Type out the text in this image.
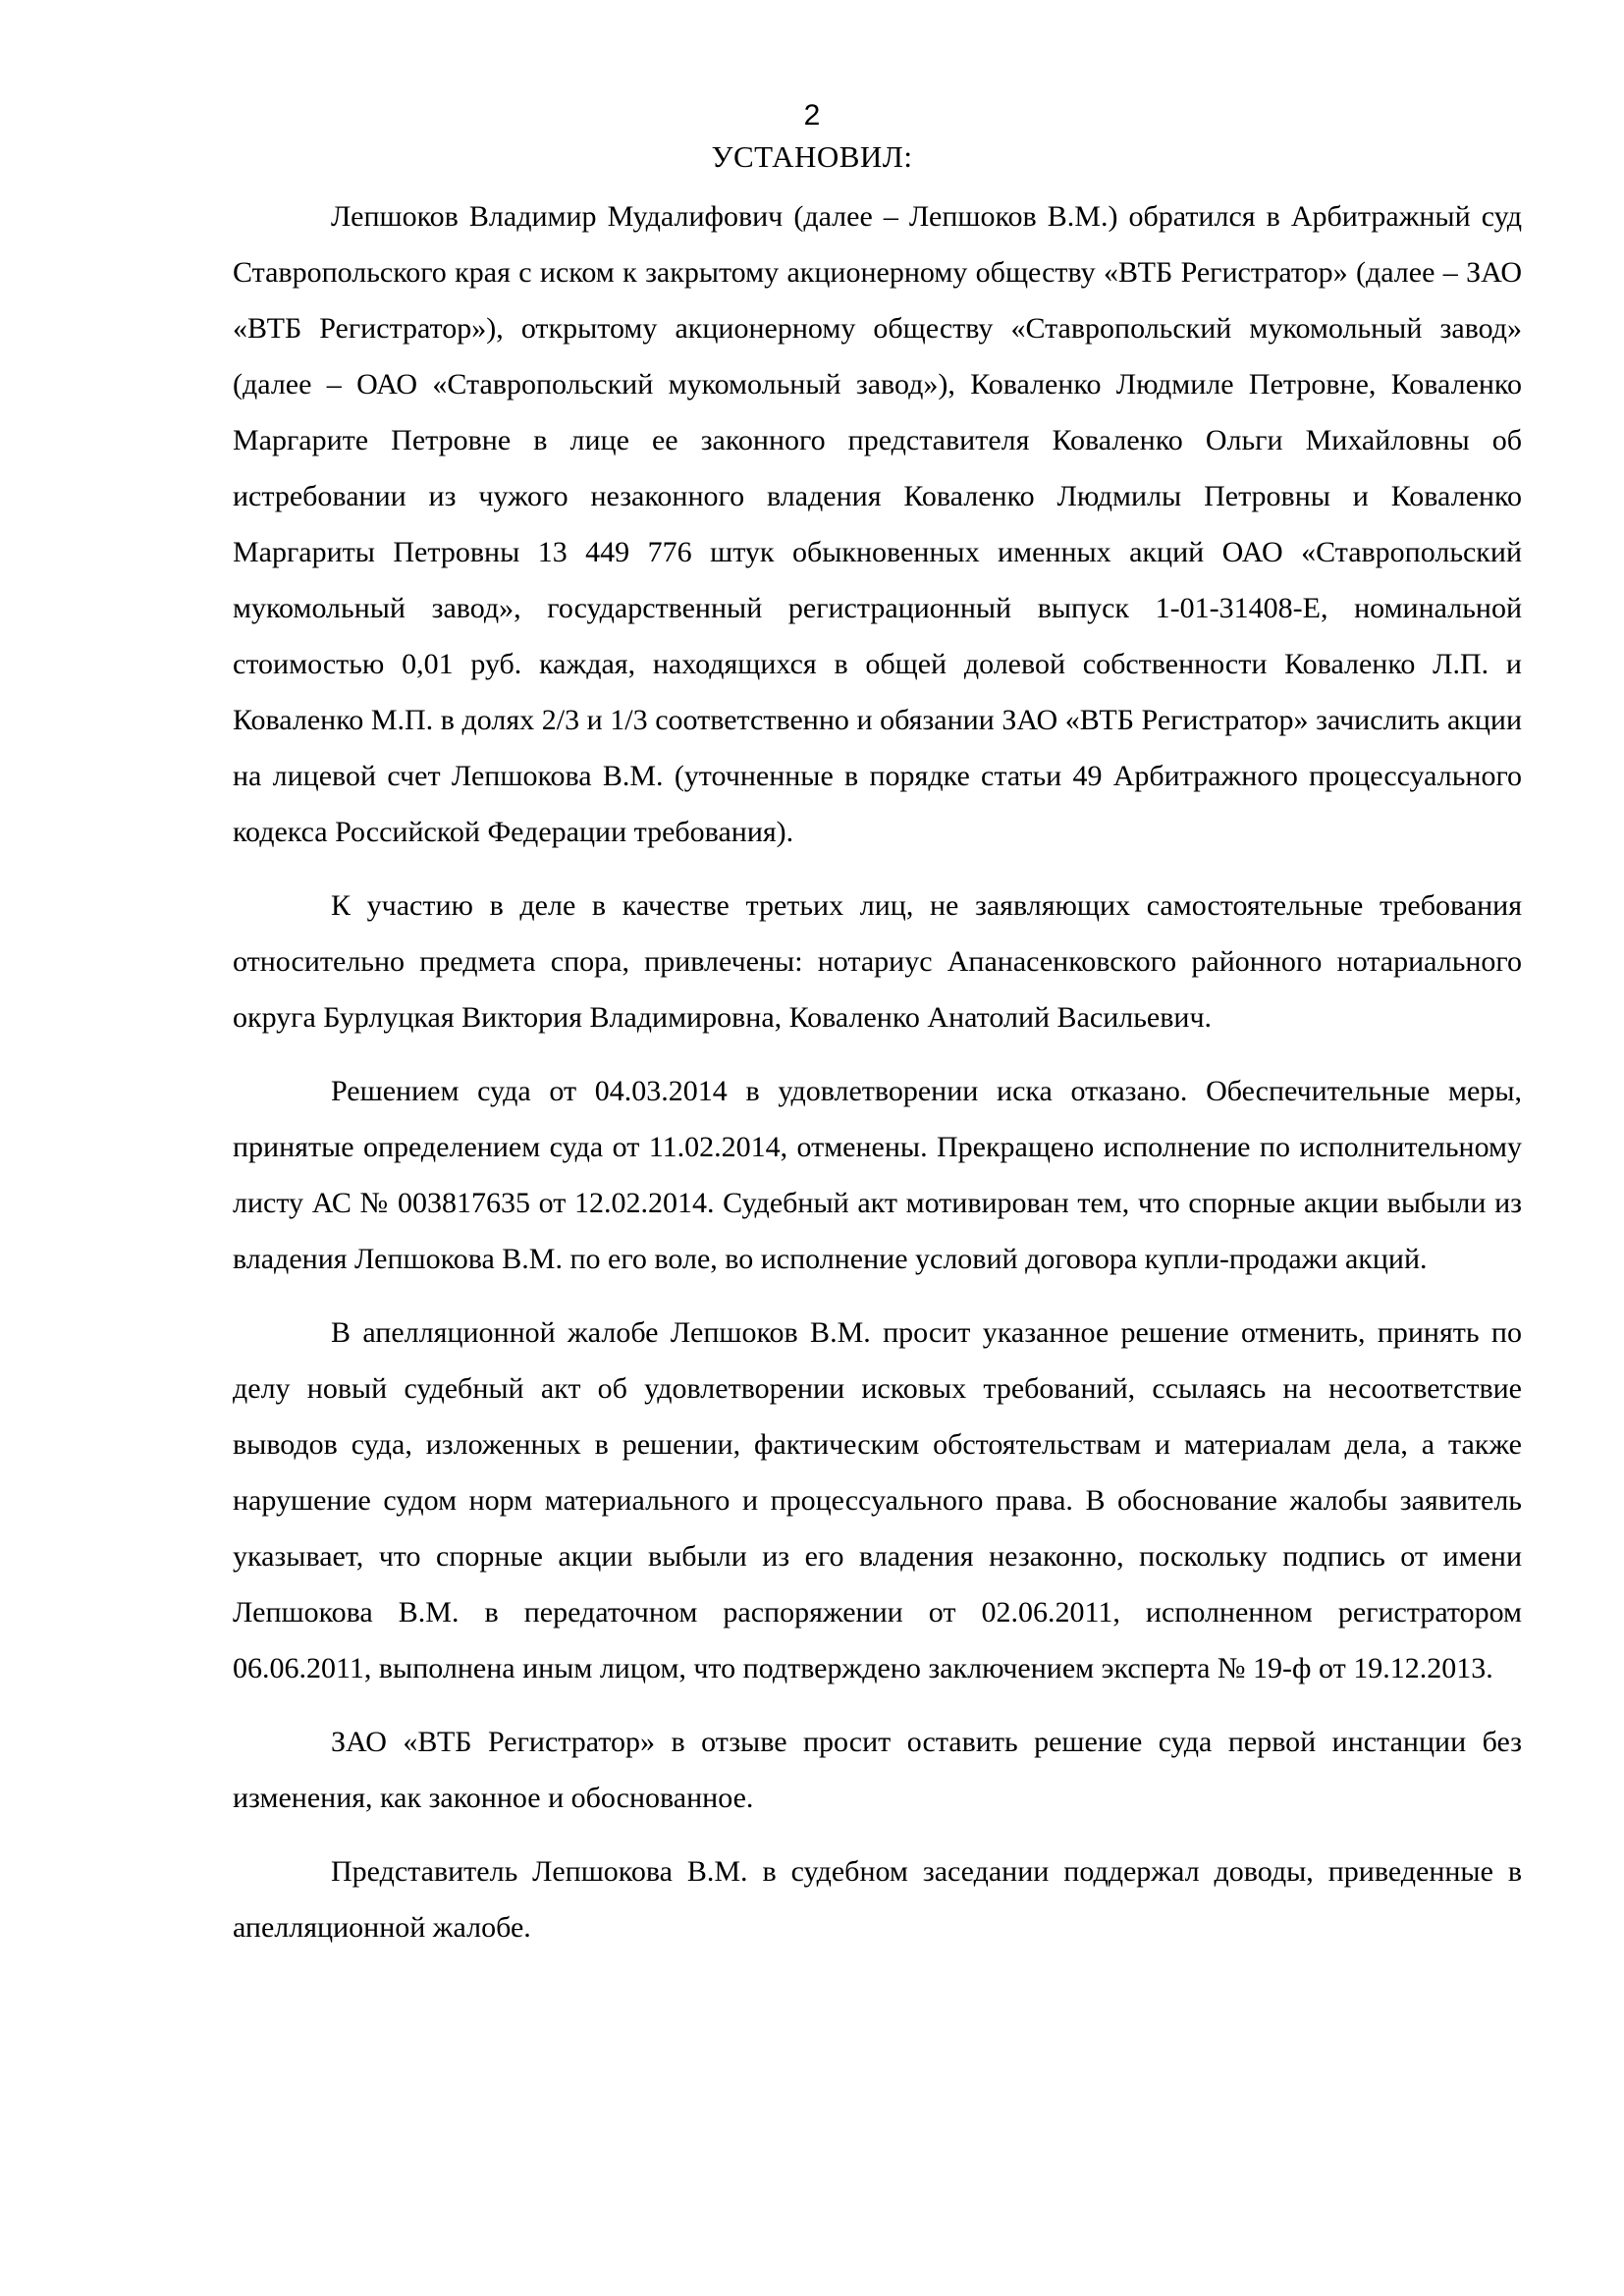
2
УСТАНОВИЛ:

Лепшоков Владимир Мудалифович (далее – Лепшоков В.М.) обратился в Арбитражный суд Ставропольского края с иском к закрытому акционерному обществу «ВТБ Регистратор» (далее – ЗАО «ВТБ Регистратор»), открытому акционерному обществу «Ставропольский мукомольный завод» (далее – ОАО «Ставропольский мукомольный завод»), Коваленко Людмиле Петровне, Коваленко Маргарите Петровне в лице ее законного представителя Коваленко Ольги Михайловны об истребовании из чужого незаконного владения Коваленко Людмилы Петровны и Коваленко Маргариты Петровны 13 449 776 штук обыкновенных именных акций ОАО «Ставропольский мукомольный завод», государственный регистрационный выпуск 1-01-31408-Е, номинальной стоимостью 0,01 руб. каждая, находящихся в общей долевой собственности Коваленко Л.П. и Коваленко М.П. в долях 2/3 и 1/3 соответственно и обязании ЗАО «ВТБ Регистратор» зачислить акции на лицевой счет Лепшокова В.М. (уточненные в порядке статьи 49 Арбитражного процессуального кодекса Российской Федерации требования).

К участию в деле в качестве третьих лиц, не заявляющих самостоятельные требования относительно предмета спора, привлечены: нотариус Апанасенковского районного нотариального округа Бурлуцкая Виктория Владимировна, Коваленко Анатолий Васильевич.

Решением суда от 04.03.2014 в удовлетворении иска отказано. Обеспечительные меры, принятые определением суда от 11.02.2014, отменены. Прекращено исполнение по исполнительному листу АС № 003817635 от 12.02.2014. Судебный акт мотивирован тем, что спорные акции выбыли из владения Лепшокова В.М. по его воле, во исполнение условий договора купли-продажи акций.

В апелляционной жалобе Лепшоков В.М. просит указанное решение отменить, принять по делу новый судебный акт об удовлетворении исковых требований, ссылаясь на несоответствие выводов суда, изложенных в решении, фактическим обстоятельствам и материалам дела, а также нарушение судом норм материального и процессуального права. В обоснование жалобы заявитель указывает, что спорные акции выбыли из его владения незаконно, поскольку подпись от имени Лепшокова В.М. в передаточном распоряжении от 02.06.2011, исполненном регистратором 06.06.2011, выполнена иным лицом, что подтверждено заключением эксперта № 19-ф от 19.12.2013.

ЗАО «ВТБ Регистратор» в отзыве просит оставить решение суда первой инстанции без изменения, как законное и обоснованное.

Представитель Лепшокова В.М. в судебном заседании поддержал доводы, приведенные в апелляционной жалобе.
